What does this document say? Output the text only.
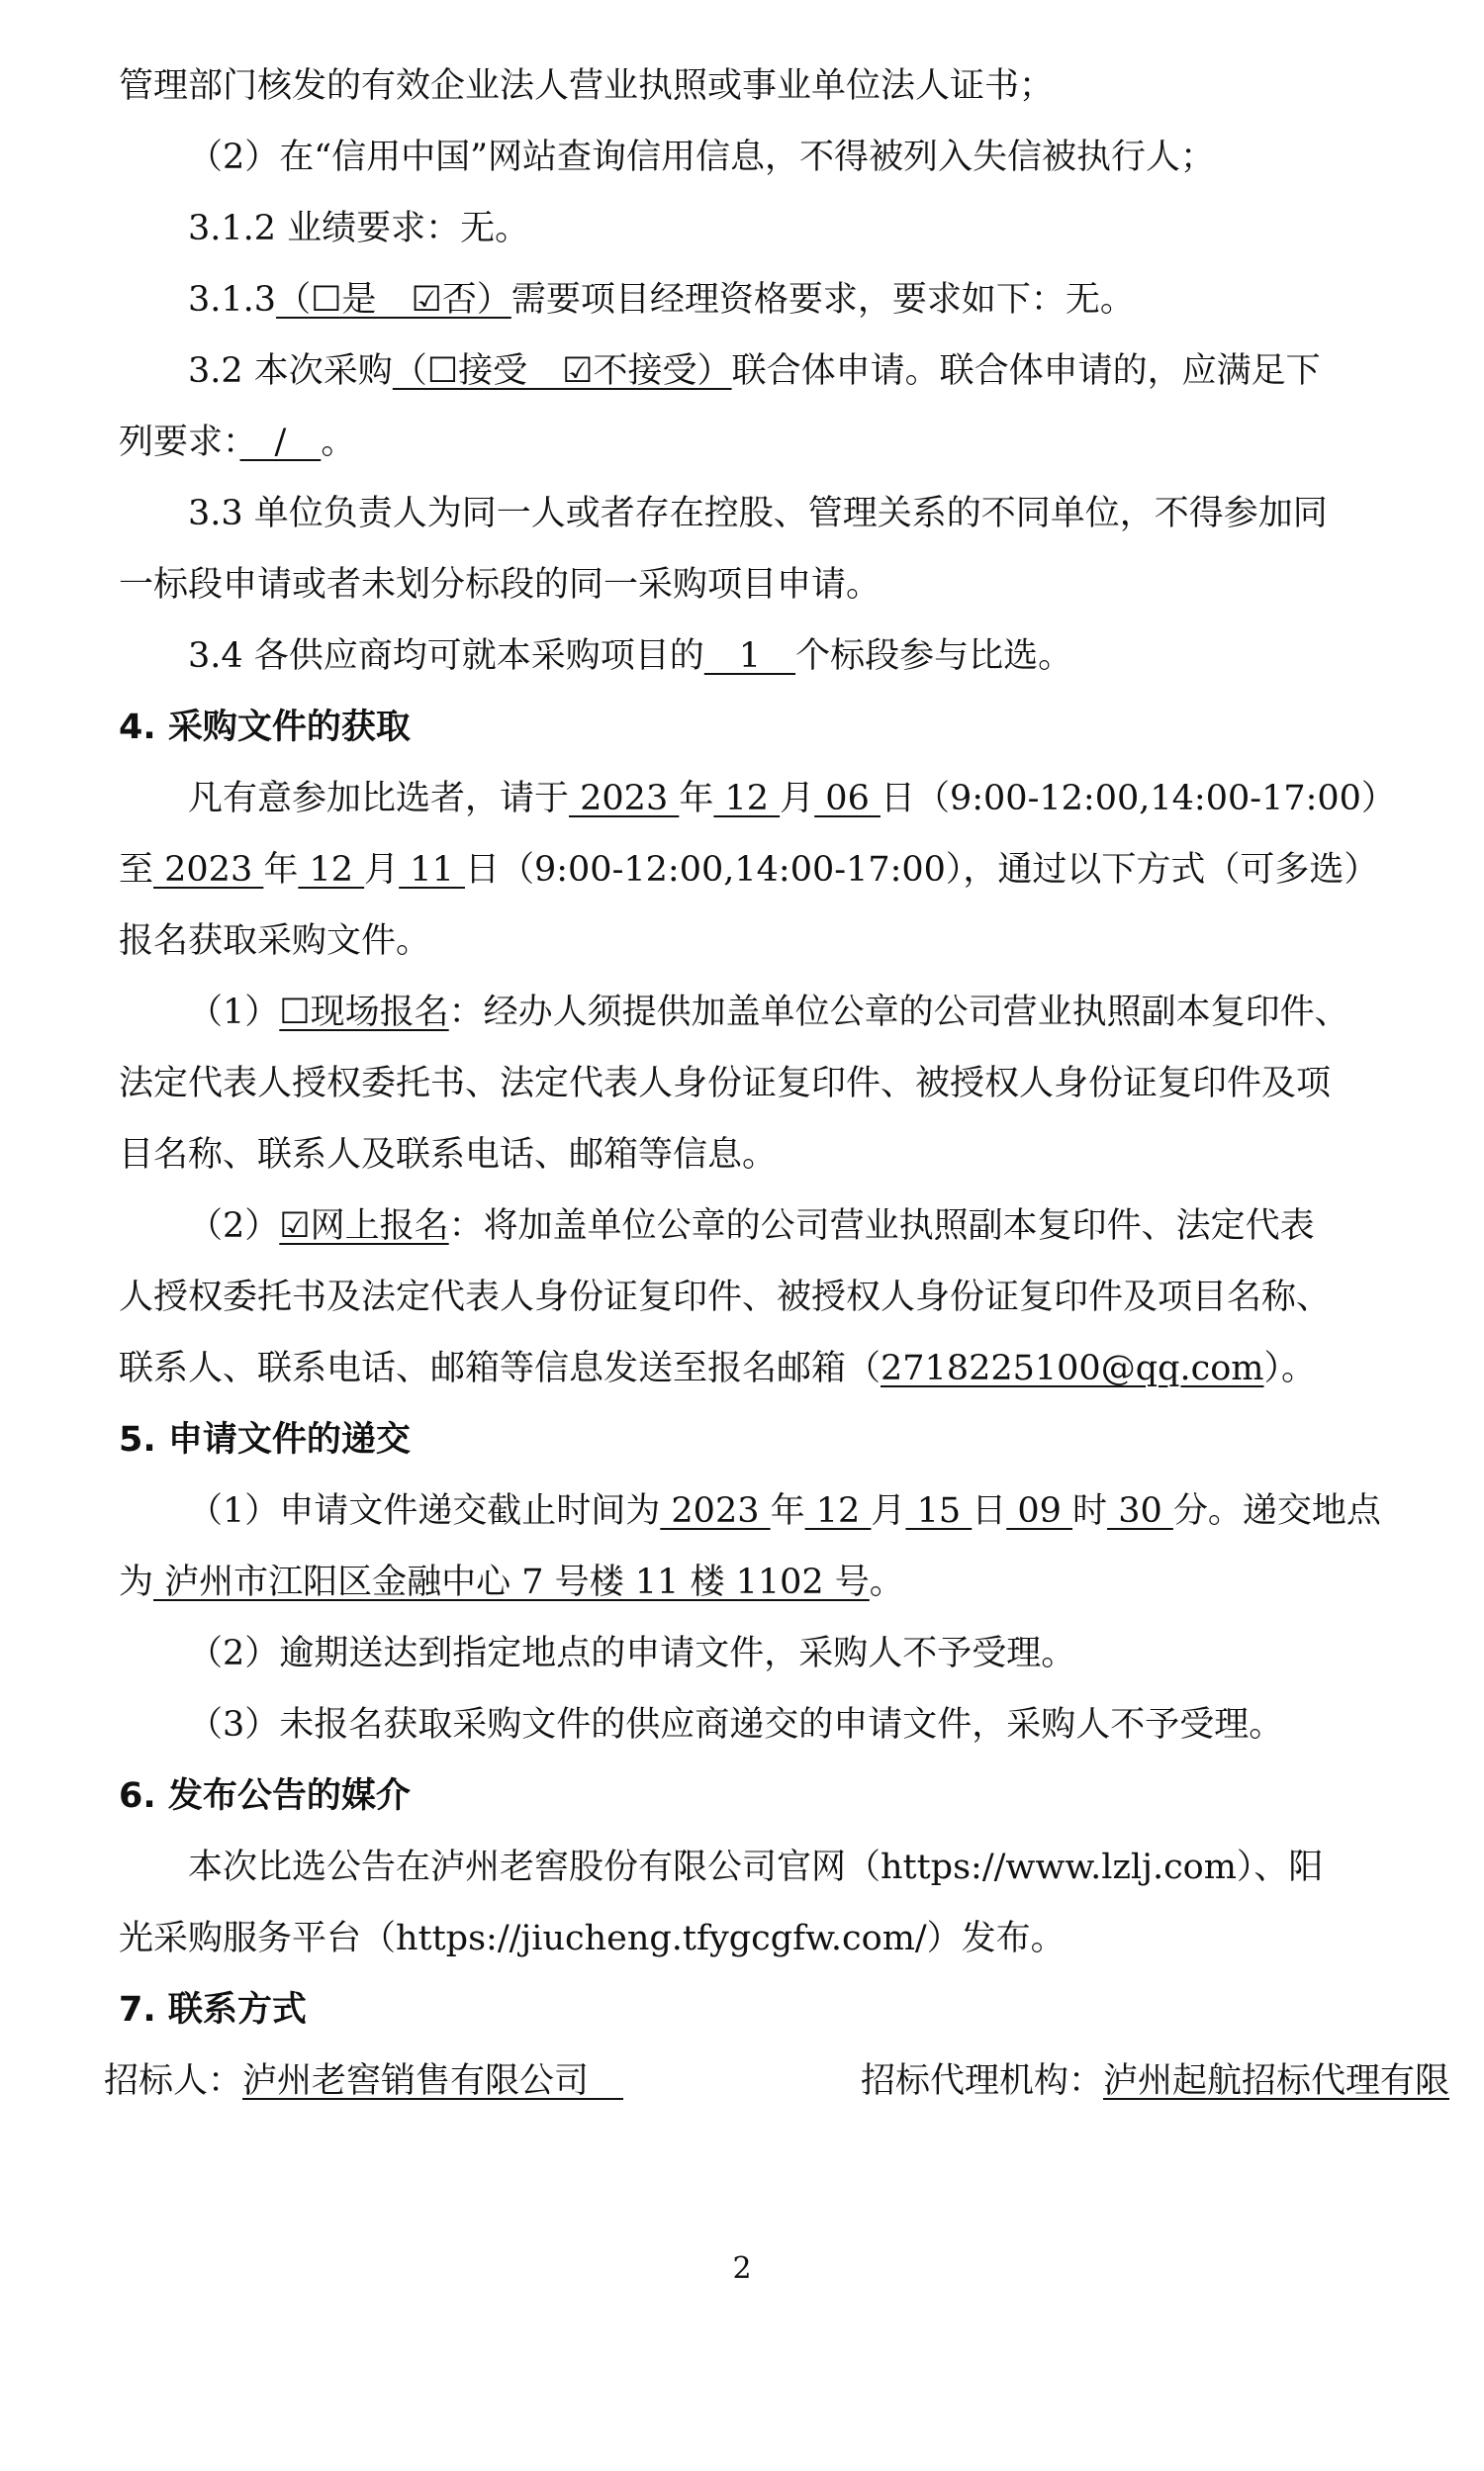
管理部门核发的有效企业法人营业执照或事业单位法人证书；
（2）在“信用中国”网站查询信用信息，不得被列入失信被执行人；
3.1.2 业绩要求：无。
3.1.3（☐是　☑否）需要项目经理资格要求，要求如下：无。
3.2 本次采购（☐接受　☑不接受）联合体申请。联合体申请的，应满足下
列要求：　/　。
3.3 单位负责人为同一人或者存在控股、管理关系的不同单位，不得参加同
一标段申请或者未划分标段的同一采购项目申请。
3.4 各供应商均可就本采购项目的　1　个标段参与比选。
4. 采购文件的获取
凡有意参加比选者，请于 2023 年 12 月 06 日（9:00-12:00,14:00-17:00）
至 2023 年 12 月 11 日（9:00-12:00,14:00-17:00），通过以下方式（可多选）
报名获取采购文件。
（1）☐现场报名：经办人须提供加盖单位公章的公司营业执照副本复印件、
法定代表人授权委托书、法定代表人身份证复印件、被授权人身份证复印件及项
目名称、联系人及联系电话、邮箱等信息。
（2）☑网上报名：将加盖单位公章的公司营业执照副本复印件、法定代表
人授权委托书及法定代表人身份证复印件、被授权人身份证复印件及项目名称、
联系人、联系电话、邮箱等信息发送至报名邮箱（2718225100@qq.com）。
5. 申请文件的递交
（1）申请文件递交截止时间为 2023 年 12 月 15 日 09 时 30 分。递交地点
为 泸州市江阳区金融中心 7 号楼 11 楼 1102 号。
（2）逾期送达到指定地点的申请文件，采购人不予受理。
（3）未报名获取采购文件的供应商递交的申请文件，采购人不予受理。
6. 发布公告的媒介
本次比选公告在泸州老窖股份有限公司官网（https://www.lzlj.com）、阳
光采购服务平台（https://jiucheng.tfygcgfw.com/）发布。
7. 联系方式
招标人：泸州老窖销售有限公司　	招标代理机构：泸州起航招标代理有限
2
